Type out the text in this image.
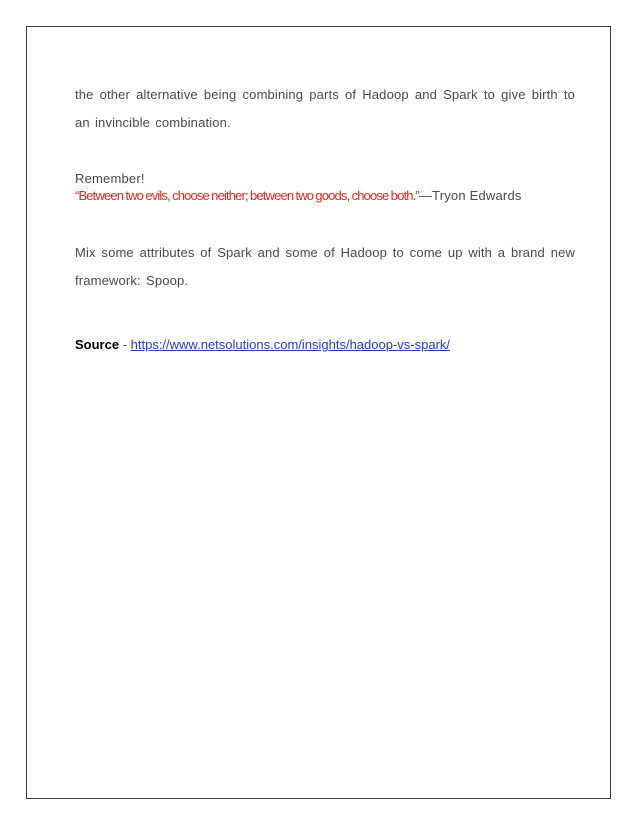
the other alternative being combining parts of Hadoop and Spark to give birth to
an invincible combination.

Remember!

“Between two evils, choose neither; between two goods, choose both.”—Tryon Edwards

Mix some attributes of Spark and some of Hadoop to come up with a brand new
framework: Spoop.

Source - https://www.netsolutions.com/insights/hadoop-vs-spark/
